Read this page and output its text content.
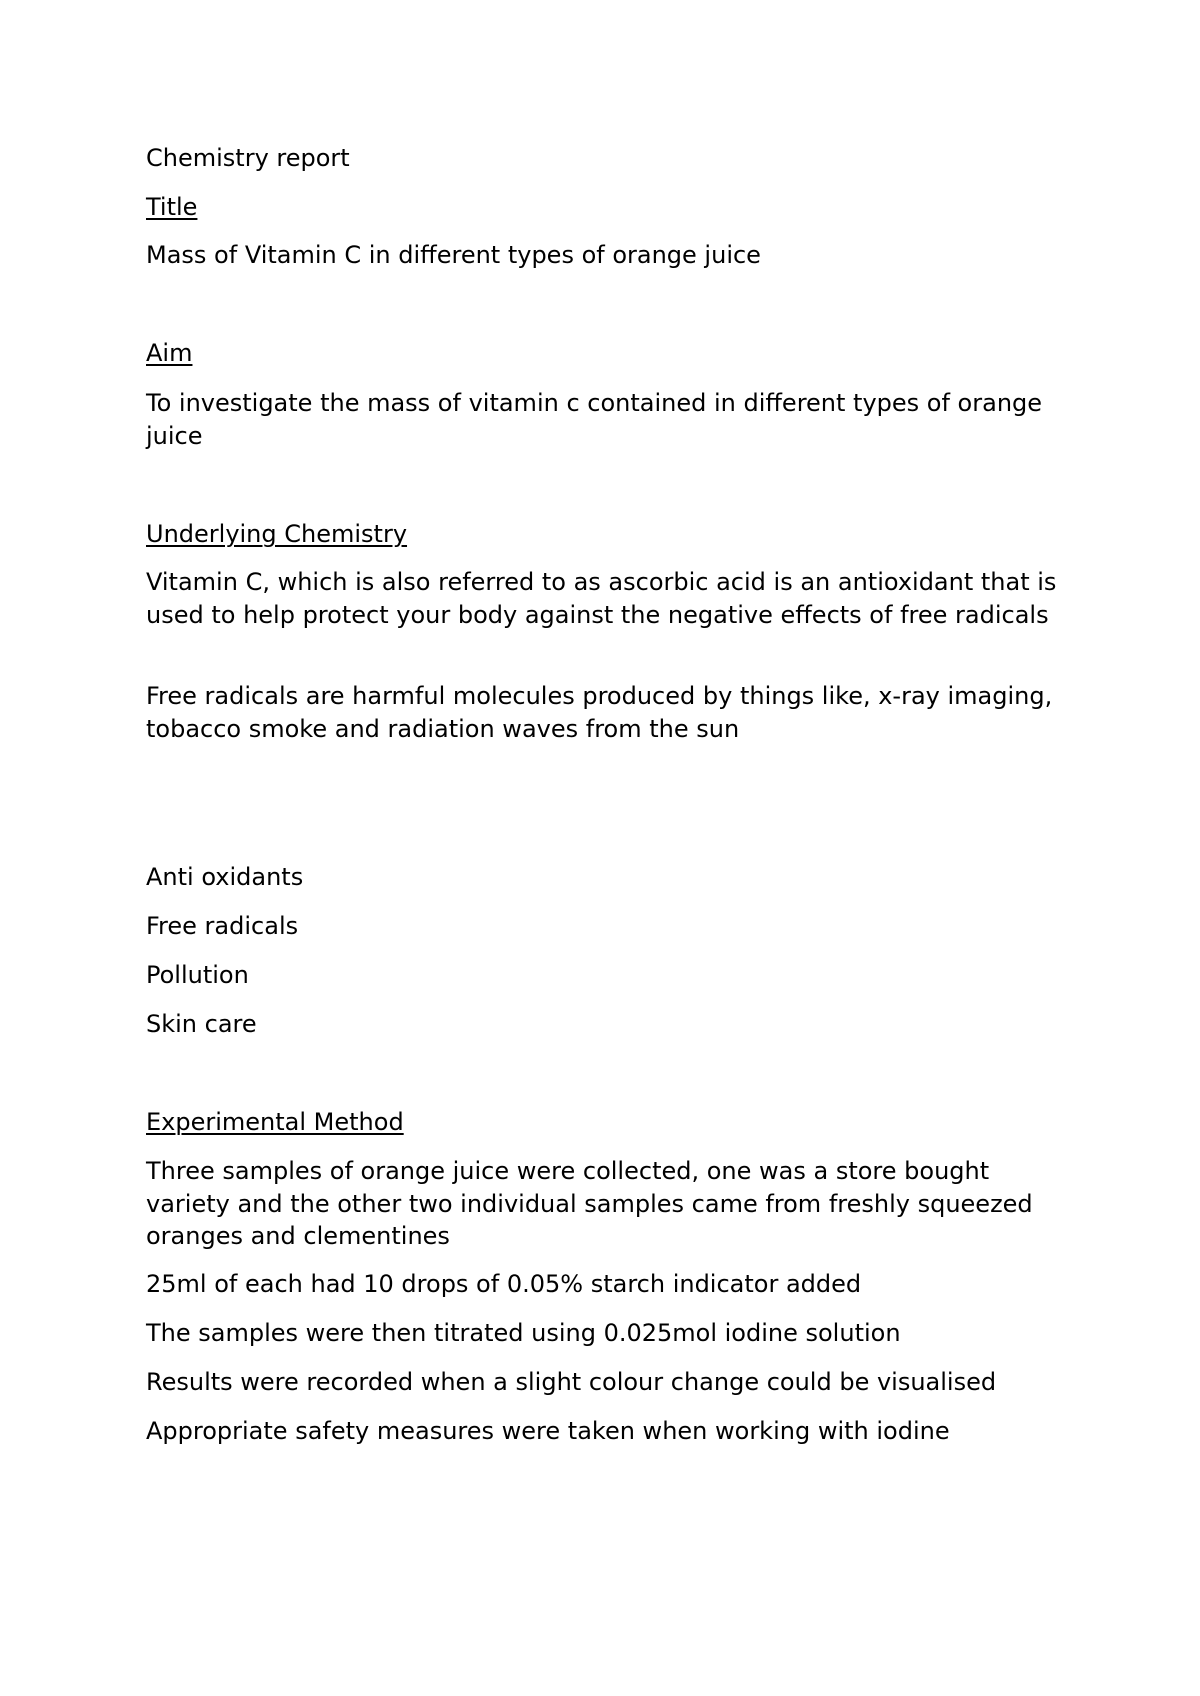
Chemistry report

Title

Mass of Vitamin C in different types of orange juice

Aim

To investigate the mass of vitamin c contained in different types of orange juice

Underlying Chemistry

Vitamin C, which is also referred to as ascorbic acid is an antioxidant that is used to help protect your body against the negative effects of free radicals

Free radicals are harmful molecules produced by things like, x-ray imaging, tobacco smoke and radiation waves from the sun

Anti oxidants

Free radicals

Pollution

Skin care

Experimental Method

Three samples of orange juice were collected, one was a store bought variety and the other two individual samples came from freshly squeezed oranges and clementines

25ml of each had 10 drops of 0.05% starch indicator added

The samples were then titrated using 0.025mol iodine solution

Results were recorded when a slight colour change could be visualised

Appropriate safety measures were taken when working with iodine
